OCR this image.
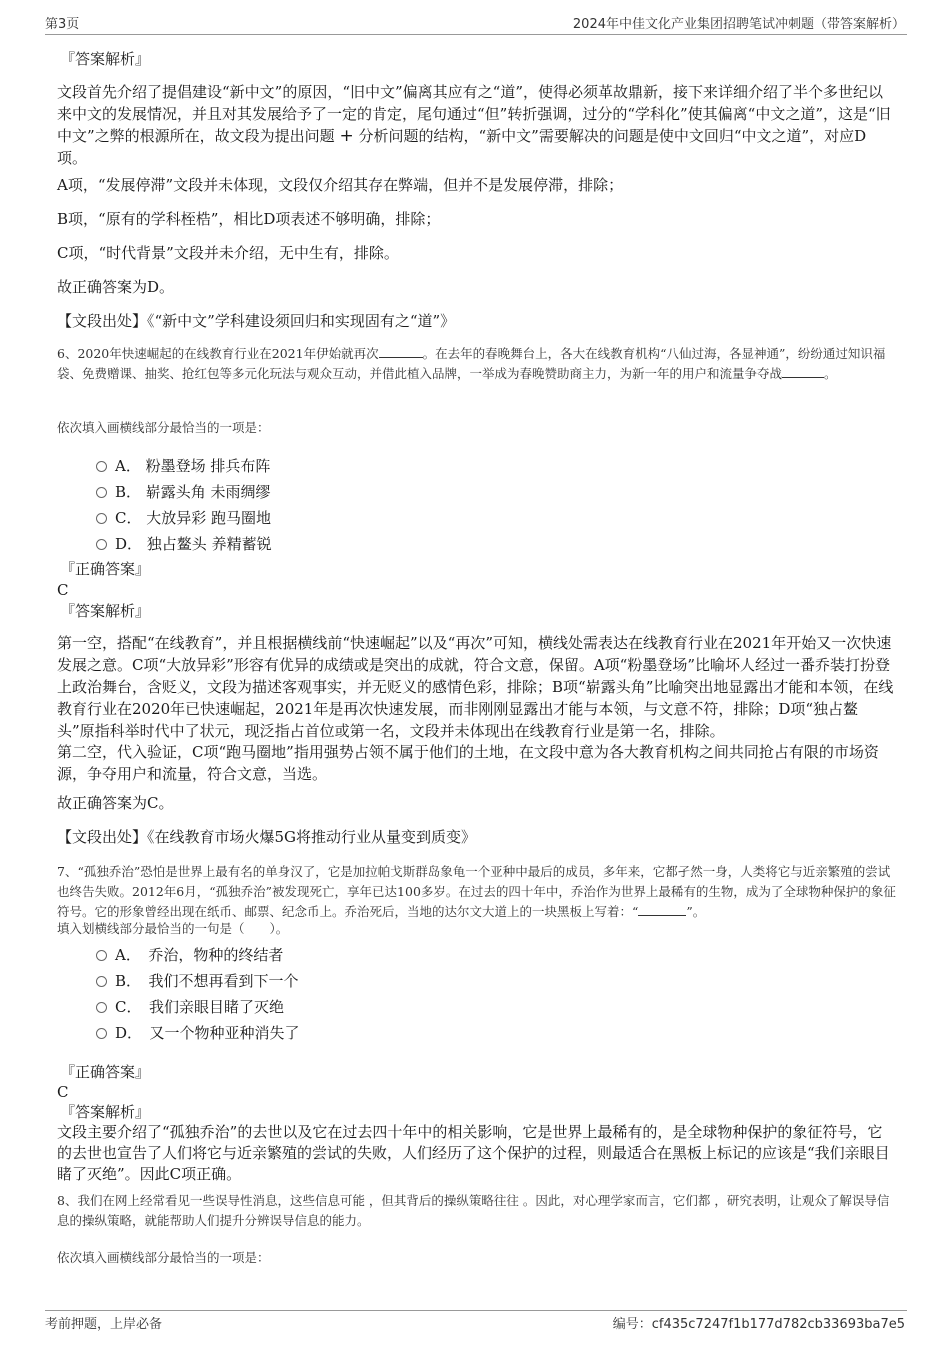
第3页	2024年中佳文化产业集团招聘笔试冲刺题（带答案解析）
『答案解析』

文段首先介绍了提倡建设“新中文”的原因，“旧中文”偏离其应有之“道”，使得必须革故鼎新，接下来详细介绍了半个多世纪以来中文的发展情况，并且对其发展给予了一定的肯定，尾句通过“但”转折强调，过分的“学科化”使其偏离“中文之道”，这是“旧中文”之弊的根源所在，故文段为提出问题 + 分析问题的结构，“新中文”需要解决的问题是使中文回归“中文之道”，对应D项。

A项，“发展停滞”文段并未体现，文段仅介绍其存在弊端，但并不是发展停滞，排除；

B项，“原有的学科桎梏”，相比D项表述不够明确，排除；

C项，“时代背景”文段并未介绍，无中生有，排除。

故正确答案为D。

【文段出处】《“新中文”学科建设须回归和实现固有之“道”》

6、2020年快速崛起的在线教育行业在2021年伊始就再次	。在去年的春晚舞台上，各大在线教育机构“八仙过海，各显神通”，纷纷通过知识福袋、免费赠课、抽奖、抢红包等多元化玩法与观众互动，并借此植入品牌，一举成为春晚赞助商主力，为新一年的用户和流量争夺战	。

依次填入画横线部分最恰当的一项是：
A． 粉墨登场 排兵布阵
B． 崭露头角 未雨绸缪
C． 大放异彩 跑马圈地
D． 独占鳌头 养精蓄锐
『正确答案』
C
『答案解析』

第一空，搭配“在线教育”，并且根据横线前“快速崛起”以及“再次”可知，横线处需表达在线教育行业在2021年开始又一次快速发展之意。C项“大放异彩”形容有优异的成绩或是突出的成就，符合文意，保留。A项“粉墨登场”比喻坏人经过一番乔装打扮登上政治舞台，含贬义，文段为描述客观事实，并无贬义的感情色彩，排除；B项“崭露头角”比喻突出地显露出才能和本领，在线教育行业在2020年已快速崛起，2021年是再次快速发展，而非刚刚显露出才能与本领，与文意不符，排除；D项“独占鳌头”原指科举时代中了状元，现泛指占首位或第一名，文段并未体现出在线教育行业是第一名，排除。

第二空，代入验证，C项“跑马圈地”指用强势占领不属于他们的土地，在文段中意为各大教育机构之间共同抢占有限的市场资源，争夺用户和流量，符合文意，当选。

故正确答案为C。

【文段出处】《在线教育市场火爆5G将推动行业从量变到质变》

7、“孤独乔治”恐怕是世界上最有名的单身汉了，它是加拉帕戈斯群岛象龟一个亚种中最后的成员，多年来，它都孑然一身，人类将它与近亲繁殖的尝试也终告失败。2012年6月，“孤独乔治”被发现死亡，享年已达100多岁。在过去的四十年中，乔治作为世界上最稀有的生物，成为了全球物种保护的象征符号。它的形象曾经出现在纸币、邮票、纪念币上。乔治死后，当地的达尔文大道上的一块黑板上写着：“	”。

填入划横线部分最恰当的一句是（　　）。
A．　乔治，物种的终结者
B．　我们不想再看到下一个
C．　我们亲眼目睹了灭绝
D．　又一个物种亚种消失了
『正确答案』
C
『答案解析』

文段主要介绍了“孤独乔治”的去世以及它在过去四十年中的相关影响，它是世界上最稀有的，是全球物种保护的象征符号，它的去世也宣告了人们将它与近亲繁殖的尝试的失败，人们经历了这个保护的过程，则最适合在黑板上标记的应该是“我们亲眼目睹了灭绝”。因此C项正确。

8、我们在网上经常看见一些误导性消息，这些信息可能 ，但其背后的操纵策略往往 。因此，对心理学家而言，它们都 ，研究表明，让观众了解误导信息的操纵策略，就能帮助人们提升分辨误导信息的能力。

依次填入画横线部分最恰当的一项是：
考前押题，上岸必备	编号：cf435c7247f1b177d782cb33693ba7e5
